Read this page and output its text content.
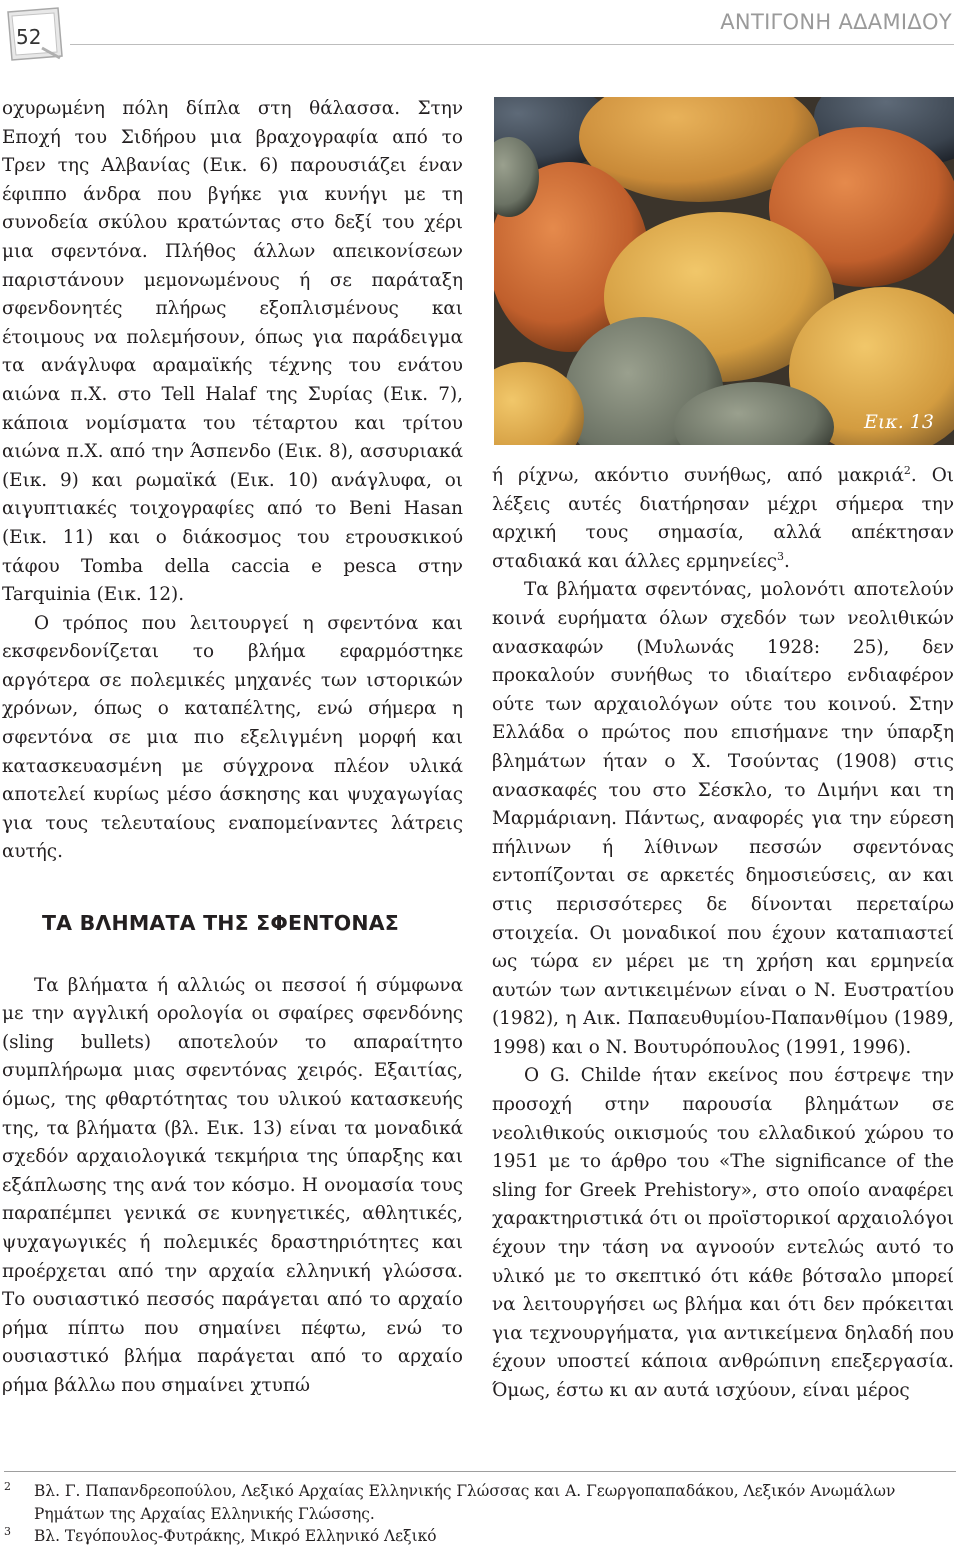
52
ΑΝΤΙΓΟΝΗ ΑΔΑΜΙΔΟΥ

οχυρωμένη πόλη δίπλα στη θάλασσα. Στην Εποχή του Σιδήρου μια βραχογραφία από το Τρεν της Αλβανίας (Εικ. 6) παρουσιάζει έναν έφιππο άνδρα που βγήκε για κυνήγι με τη συνοδεία σκύλου κρατώντας στο δεξί του χέρι μια σφεντόνα. Πλήθος άλλων απεικονίσεων παριστάνουν μεμονωμένους ή σε παράταξη σφενδονητές πλήρως εξοπλισμένους και έτοιμους να πολεμήσουν, όπως για παράδειγμα τα ανάγλυφα αραμαϊκής τέχνης του ενάτου αιώνα π.Χ. στο Tell Halaf της Συρίας (Εικ. 7), κάποια νομίσματα του τέταρτου και τρίτου αιώνα π.Χ. από την Άσπενδο (Εικ. 8), ασσυριακά (Εικ. 9) και ρωμαϊκά (Εικ. 10) ανάγλυφα, οι αιγυπτιακές τοιχογραφίες από το Beni Hasan (Εικ. 11) και ο διάκοσμος του ετρουσκικού τάφου Tomba della caccia e pesca στην Tarquinia (Εικ. 12).

Ο τρόπος που λειτουργεί η σφεντόνα και εκσφενδονίζεται το βλήμα εφαρμόστηκε αργότερα σε πολεμικές μηχανές των ιστορικών χρόνων, όπως ο καταπέλτης, ενώ σήμερα η σφεντόνα σε μια πιο εξελιγμένη μορφή και κατασκευασμένη με σύγχρονα πλέον υλικά αποτελεί κυρίως μέσο άσκησης και ψυχαγωγίας για τους τελευταίους εναπομείναντες λάτρεις αυτής.

ΤΑ ΒΛΗΜΑΤΑ ΤΗΣ ΣΦΕΝΤΟΝΑΣ

Τα βλήματα ή αλλιώς οι πεσσοί ή σύμφωνα με την αγγλική ορολογία οι σφαίρες σφενδόνης (sling bullets) αποτελούν το απαραίτητο συμπλήρωμα μιας σφεντόνας χειρός. Εξαιτίας, όμως, της φθαρτότητας του υλικού κατασκευής της, τα βλήματα (βλ. Εικ. 13) είναι τα μοναδικά σχεδόν αρχαιολογικά τεκμήρια της ύπαρξης και εξάπλωσης της ανά τον κόσμο. Η ονομασία τους παραπέμπει γενικά σε κυνηγετικές, αθλητικές, ψυχαγωγικές ή πολεμικές δραστηριότητες και προέρχεται από την αρχαία ελληνική γλώσσα. Το ουσιαστικό πεσσός παράγεται από το αρχαίο ρήμα πίπτω που σημαίνει πέφτω, ενώ το ουσιαστικό βλήμα παράγεται από το αρχαίο ρήμα βάλλω που σημαίνει χτυπώ

Εικ. 13

ή ρίχνω, ακόντιο συνήθως, από μακριά$^2$. Οι λέξεις αυτές διατήρησαν μέχρι σήμερα την αρχική τους σημασία, αλλά απέκτησαν σταδιακά και άλλες ερμηνείες$^3$.

Τα βλήματα σφεντόνας, μολονότι αποτελούν κοινά ευρήματα όλων σχεδόν των νεολιθικών ανασκαφών (Μυλωνάς 1928: 25), δεν προκαλούν συνήθως το ιδιαίτερο ενδιαφέρον ούτε των αρχαιολόγων ούτε του κοινού. Στην Ελλάδα ο πρώτος που επισήμανε την ύπαρξη βλημάτων ήταν ο Χ. Τσούντας (1908) στις ανασκαφές του στο Σέσκλο, το Διμήνι και τη Μαρμάριανη. Πάντως, αναφορές για την εύρεση πήλινων ή λίθινων πεσσών σφεντόνας εντοπίζονται σε αρκετές δημοσιεύσεις, αν και στις περισσότερες δε δίνονται περεταίρω στοιχεία. Οι μοναδικοί που έχουν καταπιαστεί ως τώρα εν μέρει με τη χρήση και ερμηνεία αυτών των αντικειμένων είναι ο Ν. Ευστρατίου (1982), η Αικ. Παπαευθυμίου-Παπανθίμου (1989, 1998) και ο Ν. Βουτυρόπουλος (1991, 1996).

Ο G. Childe ήταν εκείνος που έστρεψε την προσοχή στην παρουσία βλημάτων σε νεολιθικούς οικισμούς του ελλαδικού χώρου το 1951 με το άρθρο του «The significance of the sling for Greek Prehistory», στο οποίο αναφέρει χαρακτηριστικά ότι οι προϊστορικοί αρχαιολόγοι έχουν την τάση να αγνοούν εντελώς αυτό το υλικό με το σκεπτικό ότι κάθε βότσαλο μπορεί να λειτουργήσει ως βλήμα και ότι δεν πρόκειται για τεχνουργήματα, για αντικείμενα δηλαδή που έχουν υποστεί κάποια ανθρώπινη επεξεργασία. Όμως, έστω κι αν αυτά ισχύουν, είναι μέρος

2 Βλ. Γ. Παπανδρεοπούλου, Λεξικό Αρχαίας Ελληνικής Γλώσσας και Α. Γεωργοπαπαδάκου, Λεξικόν Ανωμάλων Ρημάτων της Αρχαίας Ελληνικής Γλώσσης.

3 Βλ. Τεγόπουλος-Φυτράκης, Μικρό Ελληνικό Λεξικό
